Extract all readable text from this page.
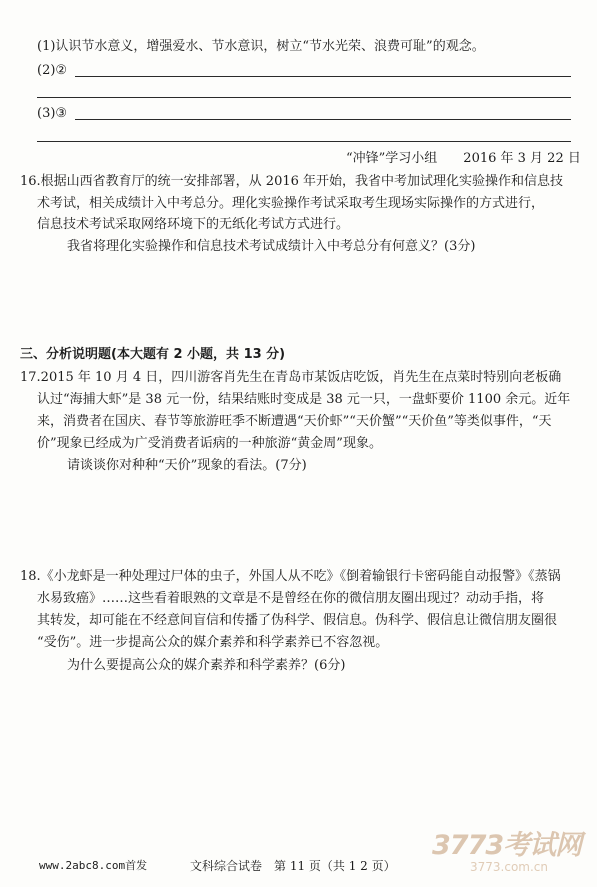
(1)认识节水意义，增强爱水、节水意识，树立“节水光荣、浪费可耻”的观念。
(2)②
(3)③
“冲锋”学习小组　　2016 年 3 月 22 日
16.根据山西省教育厅的统一安排部署，从 2016 年开始，我省中考加试理化实验操作和信息技
术考试，相关成绩计入中考总分。理化实验操作考试采取考生现场实际操作的方式进行，
信息技术考试采取网络环境下的无纸化考试方式进行。
我省将理化实验操作和信息技术考试成绩计入中考总分有何意义？(3分)
三、分析说明题(本大题有 2 小题，共 13 分)
17.2015 年 10 月 4 日，四川游客肖先生在青岛市某饭店吃饭，肖先生在点菜时特别向老板确
认过“海捕大虾”是 38 元一份，结果结账时变成是 38 元一只，一盘虾要价 1100 余元。近年
来，消费者在国庆、春节等旅游旺季不断遭遇“天价虾”“天价蟹”“天价鱼”等类似事件，“天
价”现象已经成为广受消费者诟病的一种旅游“黄金周”现象。
请谈谈你对种种“天价”现象的看法。(7分)
18.《小龙虾是一种处理过尸体的虫子，外国人从不吃》《倒着输银行卡密码能自动报警》《蒸锅
水易致癌》……这些看着眼熟的文章是不是曾经在你的微信朋友圈出现过？动动手指，将
其转发，却可能在不经意间盲信和传播了伪科学、假信息。伪科学、假信息让微信朋友圈很
“受伤”。进一步提高公众的媒介素养和科学素养已不容忽视。
为什么要提高公众的媒介素养和科学素养？(6分)
www.2abc8.com首发	文科综合试卷　第 11 页（共 1 2 页）
3773考试网
3773.com.cn
